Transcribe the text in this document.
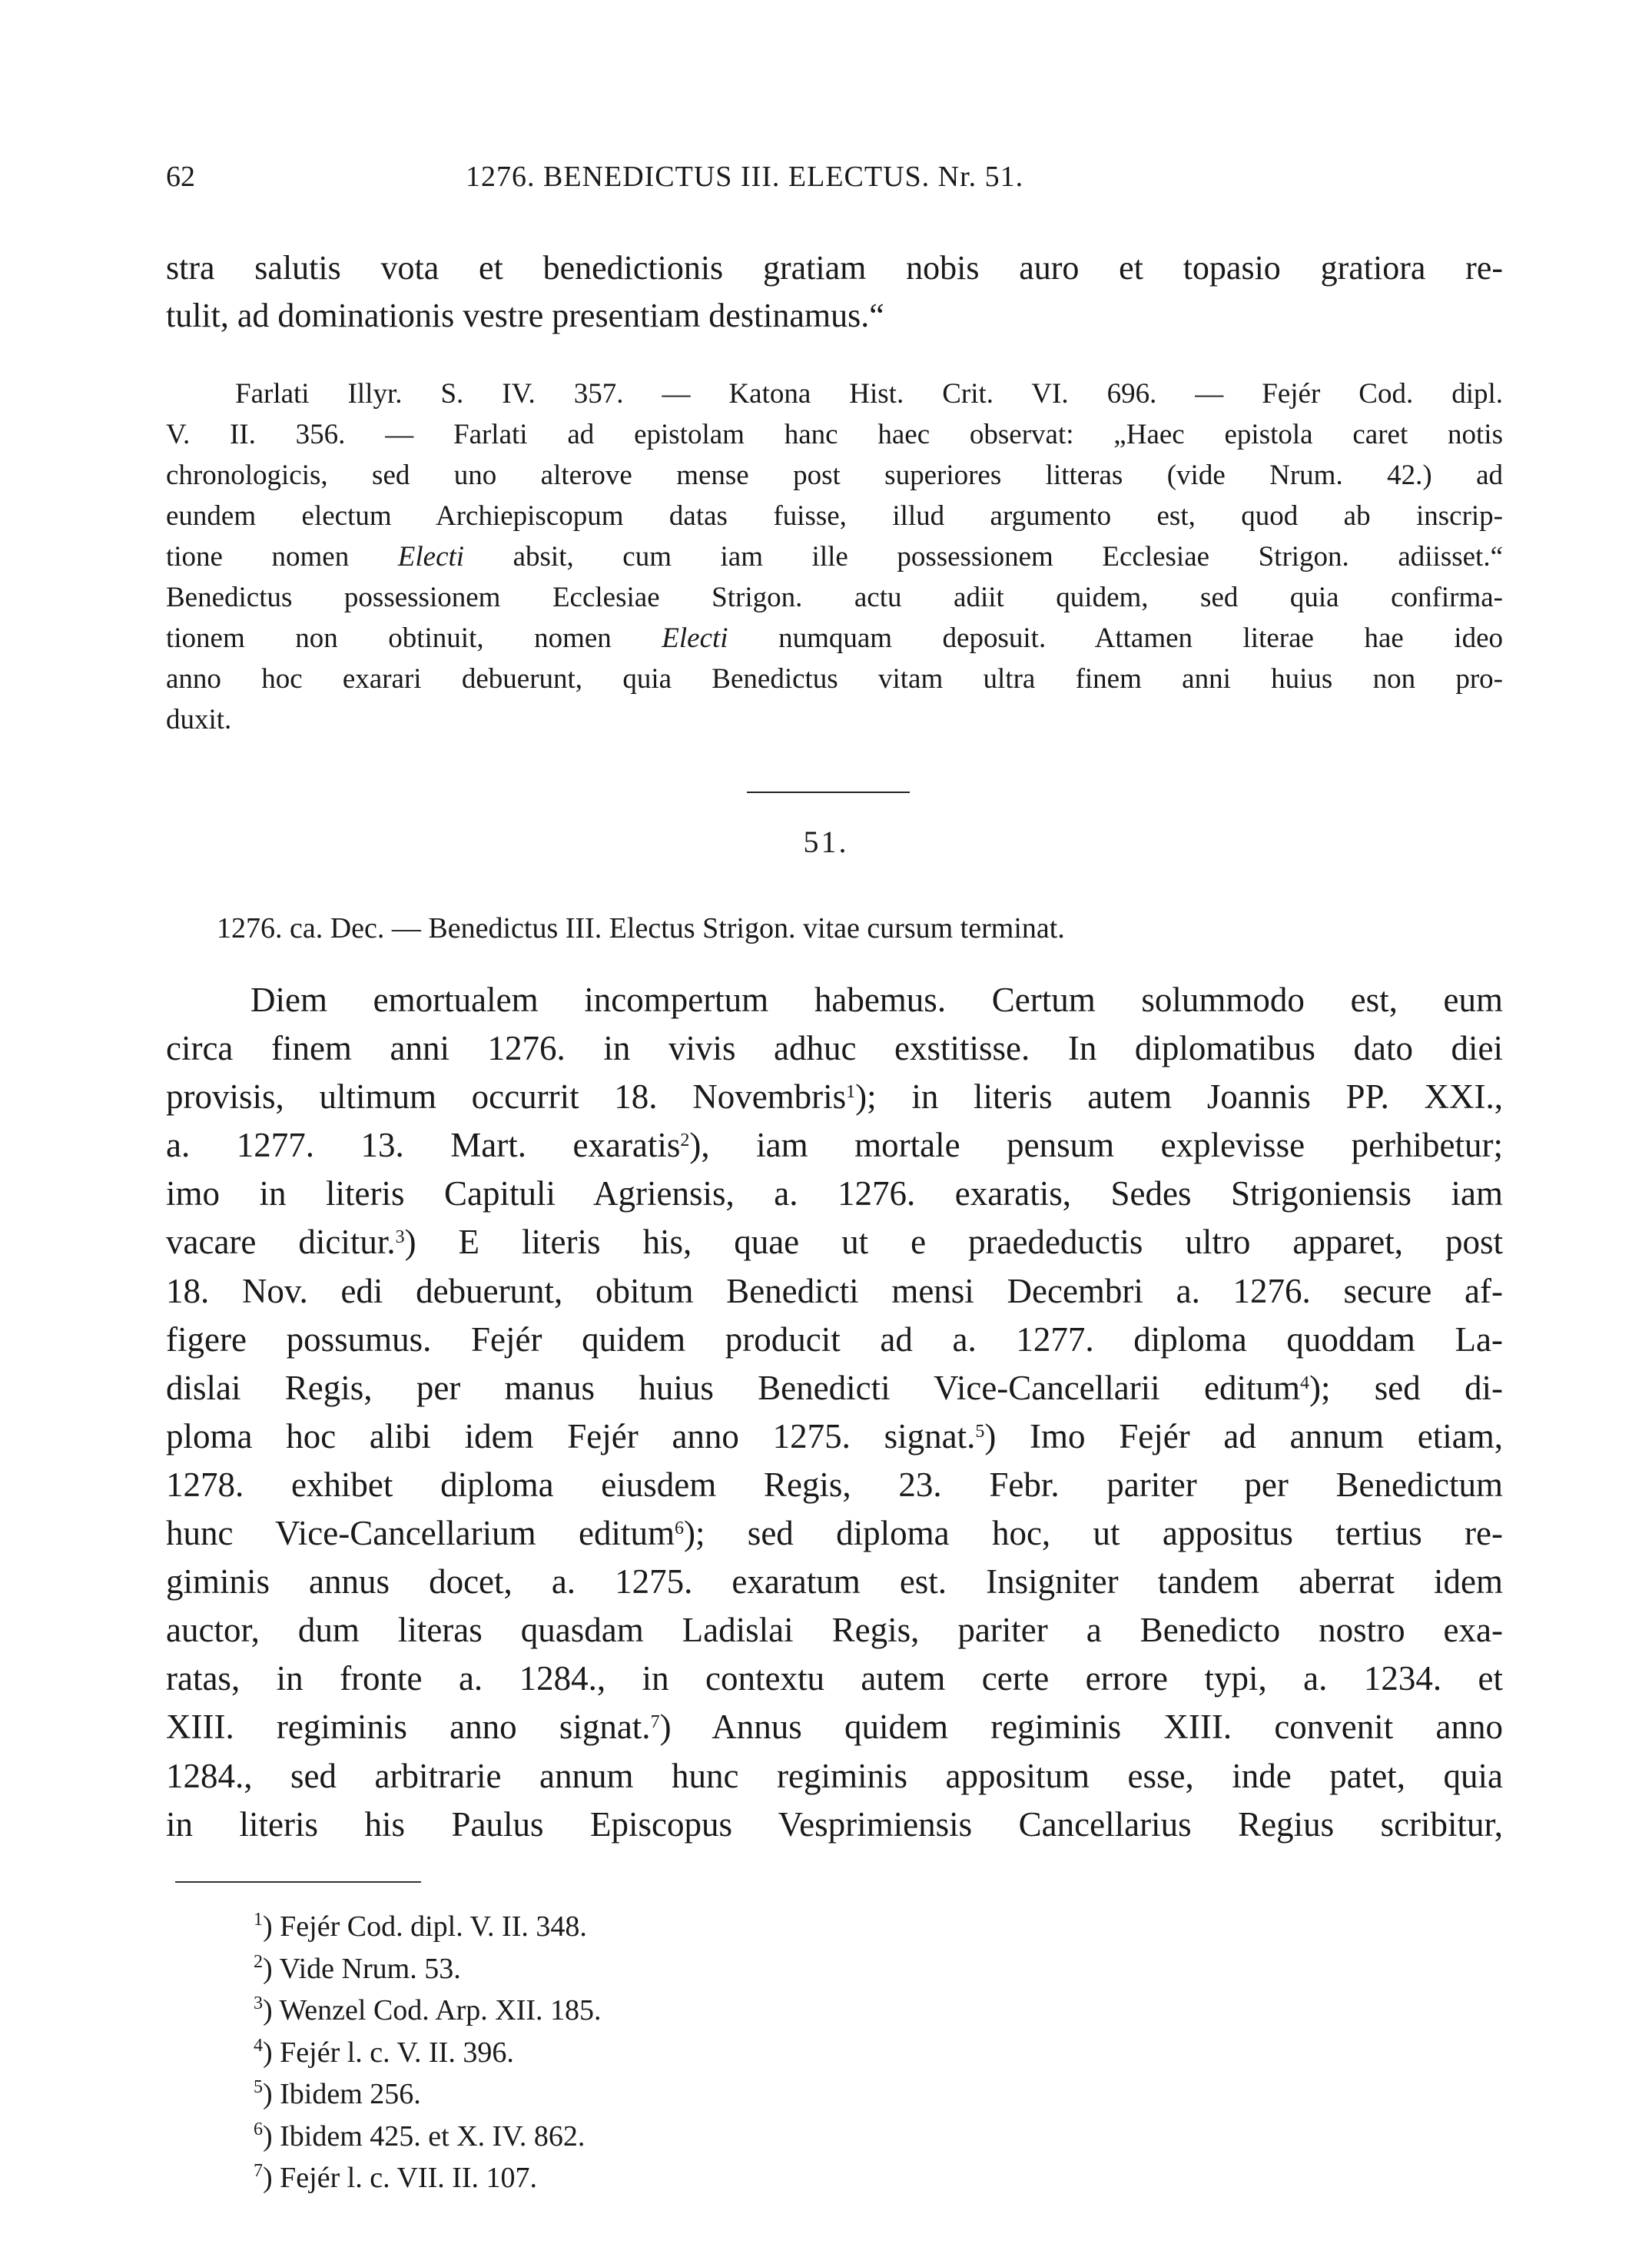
62	1276. BENEDICTUS III. ELECTUS. Nr. 51.
stra salutis vota et benedictionis gratiam nobis auro et topasio gratiora re-
tulit, ad dominationis vestre presentiam destinamus.“
Farlati Illyr. S. IV. 357. — Katona Hist. Crit. VI. 696. — Fejér Cod. dipl.
V. II. 356. — Farlati ad epistolam hanc haec observat: „Haec epistola caret notis
chronologicis, sed uno alterove mense post superiores litteras (vide Nrum. 42.) ad
eundem electum Archiepiscopum datas fuisse, illud argumento est, quod ab inscrip-
tione nomen Electi absit, cum iam ille possessionem Ecclesiae Strigon. adiisset.“
Benedictus possessionem Ecclesiae Strigon. actu adiit quidem, sed quia confirma-
tionem non obtinuit, nomen Electi numquam deposuit. Attamen literae hae ideo
anno hoc exarari debuerunt, quia Benedictus vitam ultra finem anni huius non pro-
duxit.
51.
1276. ca. Dec. — Benedictus III. Electus Strigon. vitae cursum terminat.
Diem emortualem incompertum habemus. Certum solummodo est, eum
circa finem anni 1276. in vivis adhuc exstitisse. In diplomatibus dato diei
provisis, ultimum occurrit 18. Novembris$^1$); in literis autem Joannis PP. XXI.,
a. 1277. 13. Mart. exaratis$^2$), iam mortale pensum explevisse perhibetur;
imo in literis Capituli Agriensis, a. 1276. exaratis, Sedes Strigoniensis iam
vacare dicitur.$^3$) E literis his, quae ut e praedeductis ultro apparet, post
18. Nov. edi debuerunt, obitum Benedicti mensi Decembri a. 1276. secure af-
figere possumus. Fejér quidem producit ad a. 1277. diploma quoddam La-
dislai Regis, per manus huius Benedicti Vice-Cancellarii editum$^4$); sed di-
ploma hoc alibi idem Fejér anno 1275. signat.$^5$) Imo Fejér ad annum etiam,
1278. exhibet diploma eiusdem Regis, 23. Febr. pariter per Benedictum
hunc Vice-Cancellarium editum$^6$); sed diploma hoc, ut appositus tertius re-
giminis annus docet, a. 1275. exaratum est. Insigniter tandem aberrat idem
auctor, dum literas quasdam Ladislai Regis, pariter a Benedicto nostro exa-
ratas, in fronte a. 1284., in contextu autem certe errore typi, a. 1234. et
XIII. regiminis anno signat.$^7$) Annus quidem regiminis XIII. convenit anno
1284., sed arbitrarie annum hunc regiminis appositum esse, inde patet, quia
in literis his Paulus Episcopus Vesprimiensis Cancellarius Regius scribitur,
$^1$) Fejér Cod. dipl. V. II. 348.
$^2$) Vide Nrum. 53.
$^3$) Wenzel Cod. Arp. XII. 185.
$^4$) Fejér l. c. V. II. 396.
$^5$) Ibidem 256.
$^6$) Ibidem 425. et X. IV. 862.
$^7$) Fejér l. c. VII. II. 107.
